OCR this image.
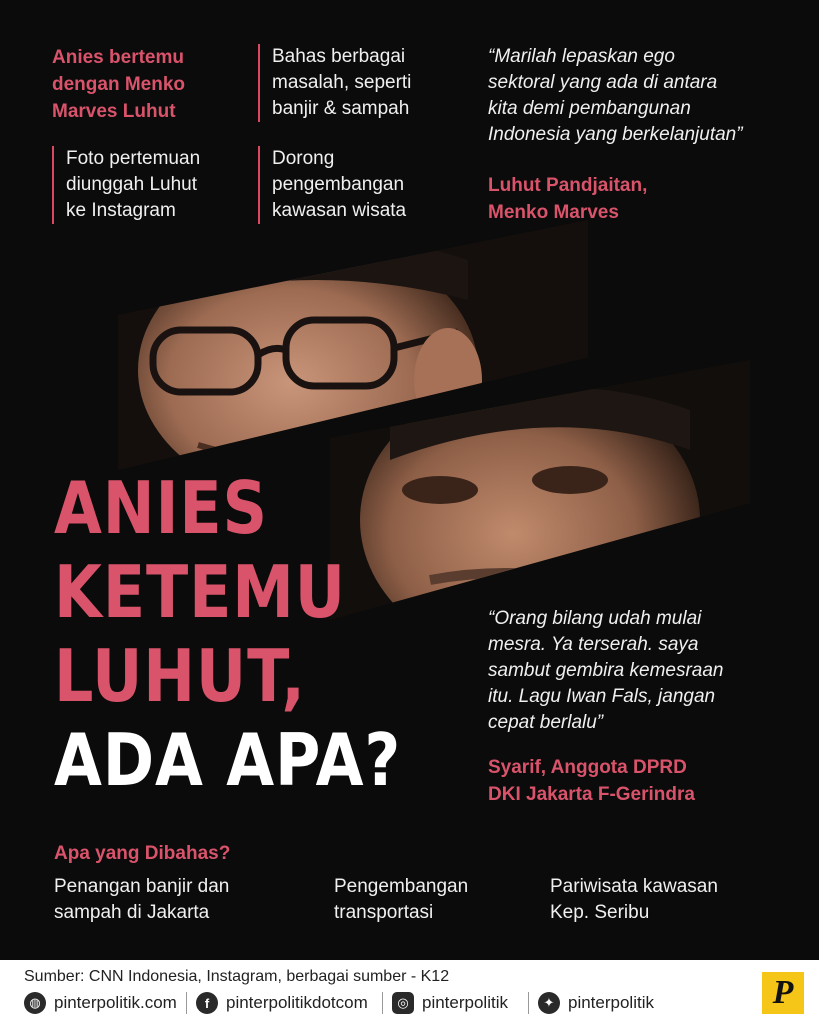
Anies bertemu
dengan Menko
Marves Luhut
Foto pertemuan
diunggah Luhut
ke Instagram
Bahas berbagai
masalah, seperti
banjir & sampah
Dorong
pengembangan
kawasan wisata
“Marilah lepaskan ego
sektoral yang ada di antara
kita demi pembangunan
Indonesia yang berkelanjutan”
Luhut Pandjaitan,
Menko Marves
ANIES
KETEMU
LUHUT,
ADA APA?
“Orang bilang udah mulai
mesra. Ya terserah. saya
sambut gembira kemesraan
itu. Lagu Iwan Fals, jangan
cepat berlalu”
Syarif, Anggota DPRD
DKI Jakarta F-Gerindra
Apa yang Dibahas?
Penangan banjir dan
sampah di Jakarta
Pengembangan
transportasi
Pariwisata kawasan
Kep. Seribu
Sumber: CNN Indonesia, Instagram, berbagai sumber - K12
◍ pinterpolitik.com	f pinterpolitikdotcom	◎ pinterpolitik	✦ pinterpolitik	P
